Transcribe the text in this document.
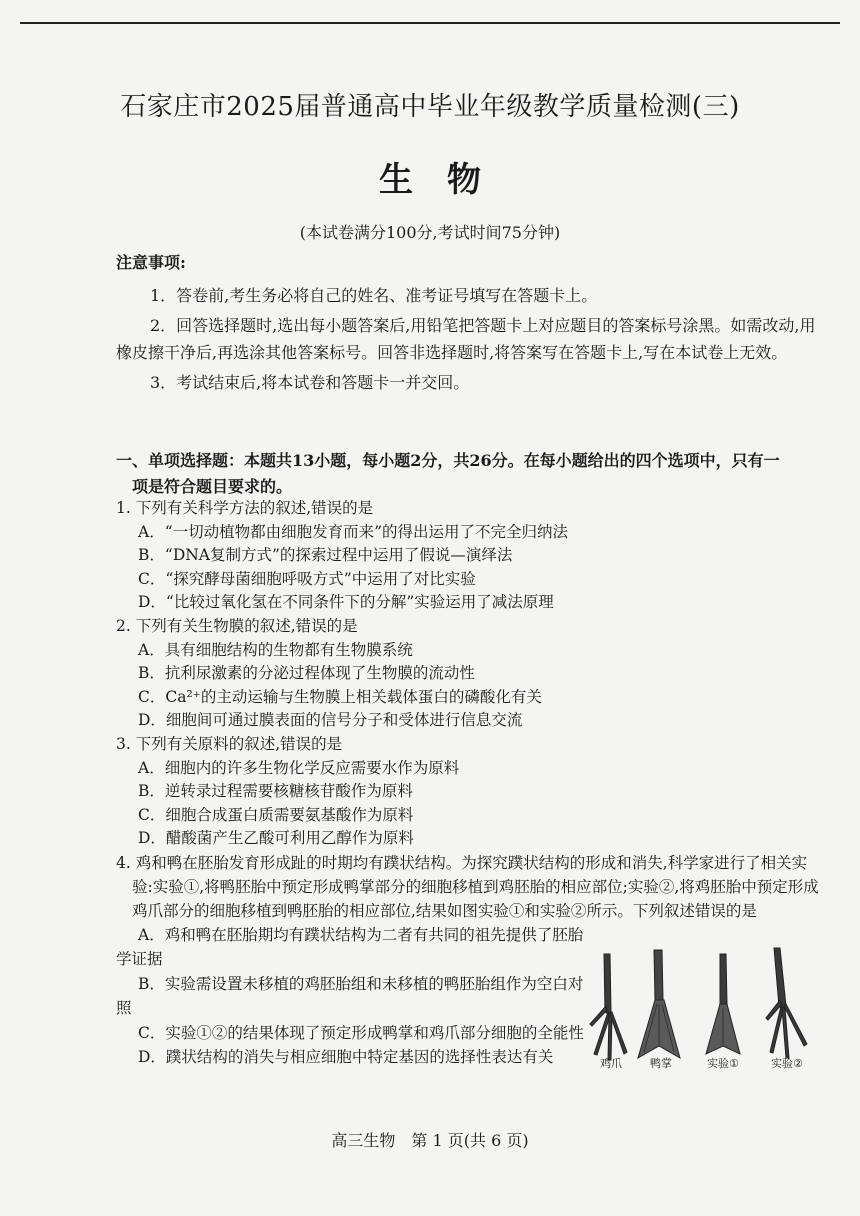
石家庄市2025届普通高中毕业年级教学质量检测(三)
生物
(本试卷满分100分,考试时间75分钟)
注意事项:

1．答卷前,考生务必将自己的姓名、准考证号填写在答题卡上。

2．回答选择题时,选出每小题答案后,用铅笔把答题卡上对应题目的答案标号涂黑。如需改动,用橡皮擦干净后,再选涂其他答案标号。回答非选择题时,将答案写在答题卡上,写在本试卷上无效。

3．考试结束后,将本试卷和答题卡一并交回。

一、单项选择题：本题共13小题，每小题2分，共26分。在每小题给出的四个选项中，只有一
项是符合题目要求的。

1. 下列有关科学方法的叙述,错误的是

A．“一切动植物都由细胞发育而来”的得出运用了不完全归纳法

B．“DNA复制方式”的探索过程中运用了假说—演绎法

C．“探究酵母菌细胞呼吸方式”中运用了对比实验

D．“比较过氧化氢在不同条件下的分解”实验运用了减法原理

2. 下列有关生物膜的叙述,错误的是

A．具有细胞结构的生物都有生物膜系统

B．抗利尿激素的分泌过程体现了生物膜的流动性

C．Ca²⁺的主动运输与生物膜上相关载体蛋白的磷酸化有关

D．细胞间可通过膜表面的信号分子和受体进行信息交流

3. 下列有关原料的叙述,错误的是

A．细胞内的许多生物化学反应需要水作为原料

B．逆转录过程需要核糖核苷酸作为原料

C．细胞合成蛋白质需要氨基酸作为原料

D．醋酸菌产生乙酸可利用乙醇作为原料

4. 鸡和鸭在胚胎发育形成趾的时期均有蹼状结构。为探究蹼状结构的形成和消失,科学家进行了相关实验:实验①,将鸭胚胎中预定形成鸭掌部分的细胞移植到鸡胚胎的相应部位;实验②,将鸡胚胎中预定形成鸡爪部分的细胞移植到鸭胚胎的相应部位,结果如图实验①和实验②所示。下列叙述错误的是

A．鸡和鸭在胚胎期均有蹼状结构为二者有共同的祖先提供了胚胎学证据

B．实验需设置未移植的鸡胚胎组和未移植的鸭胚胎组作为空白对照

C．实验①②的结果体现了预定形成鸭掌和鸡爪部分细胞的全能性

D．蹼状结构的消失与相应细胞中特定基因的选择性表达有关	鸡爪	鸭掌	实验①	实验②
高三生物　第 1 页(共 6 页)
